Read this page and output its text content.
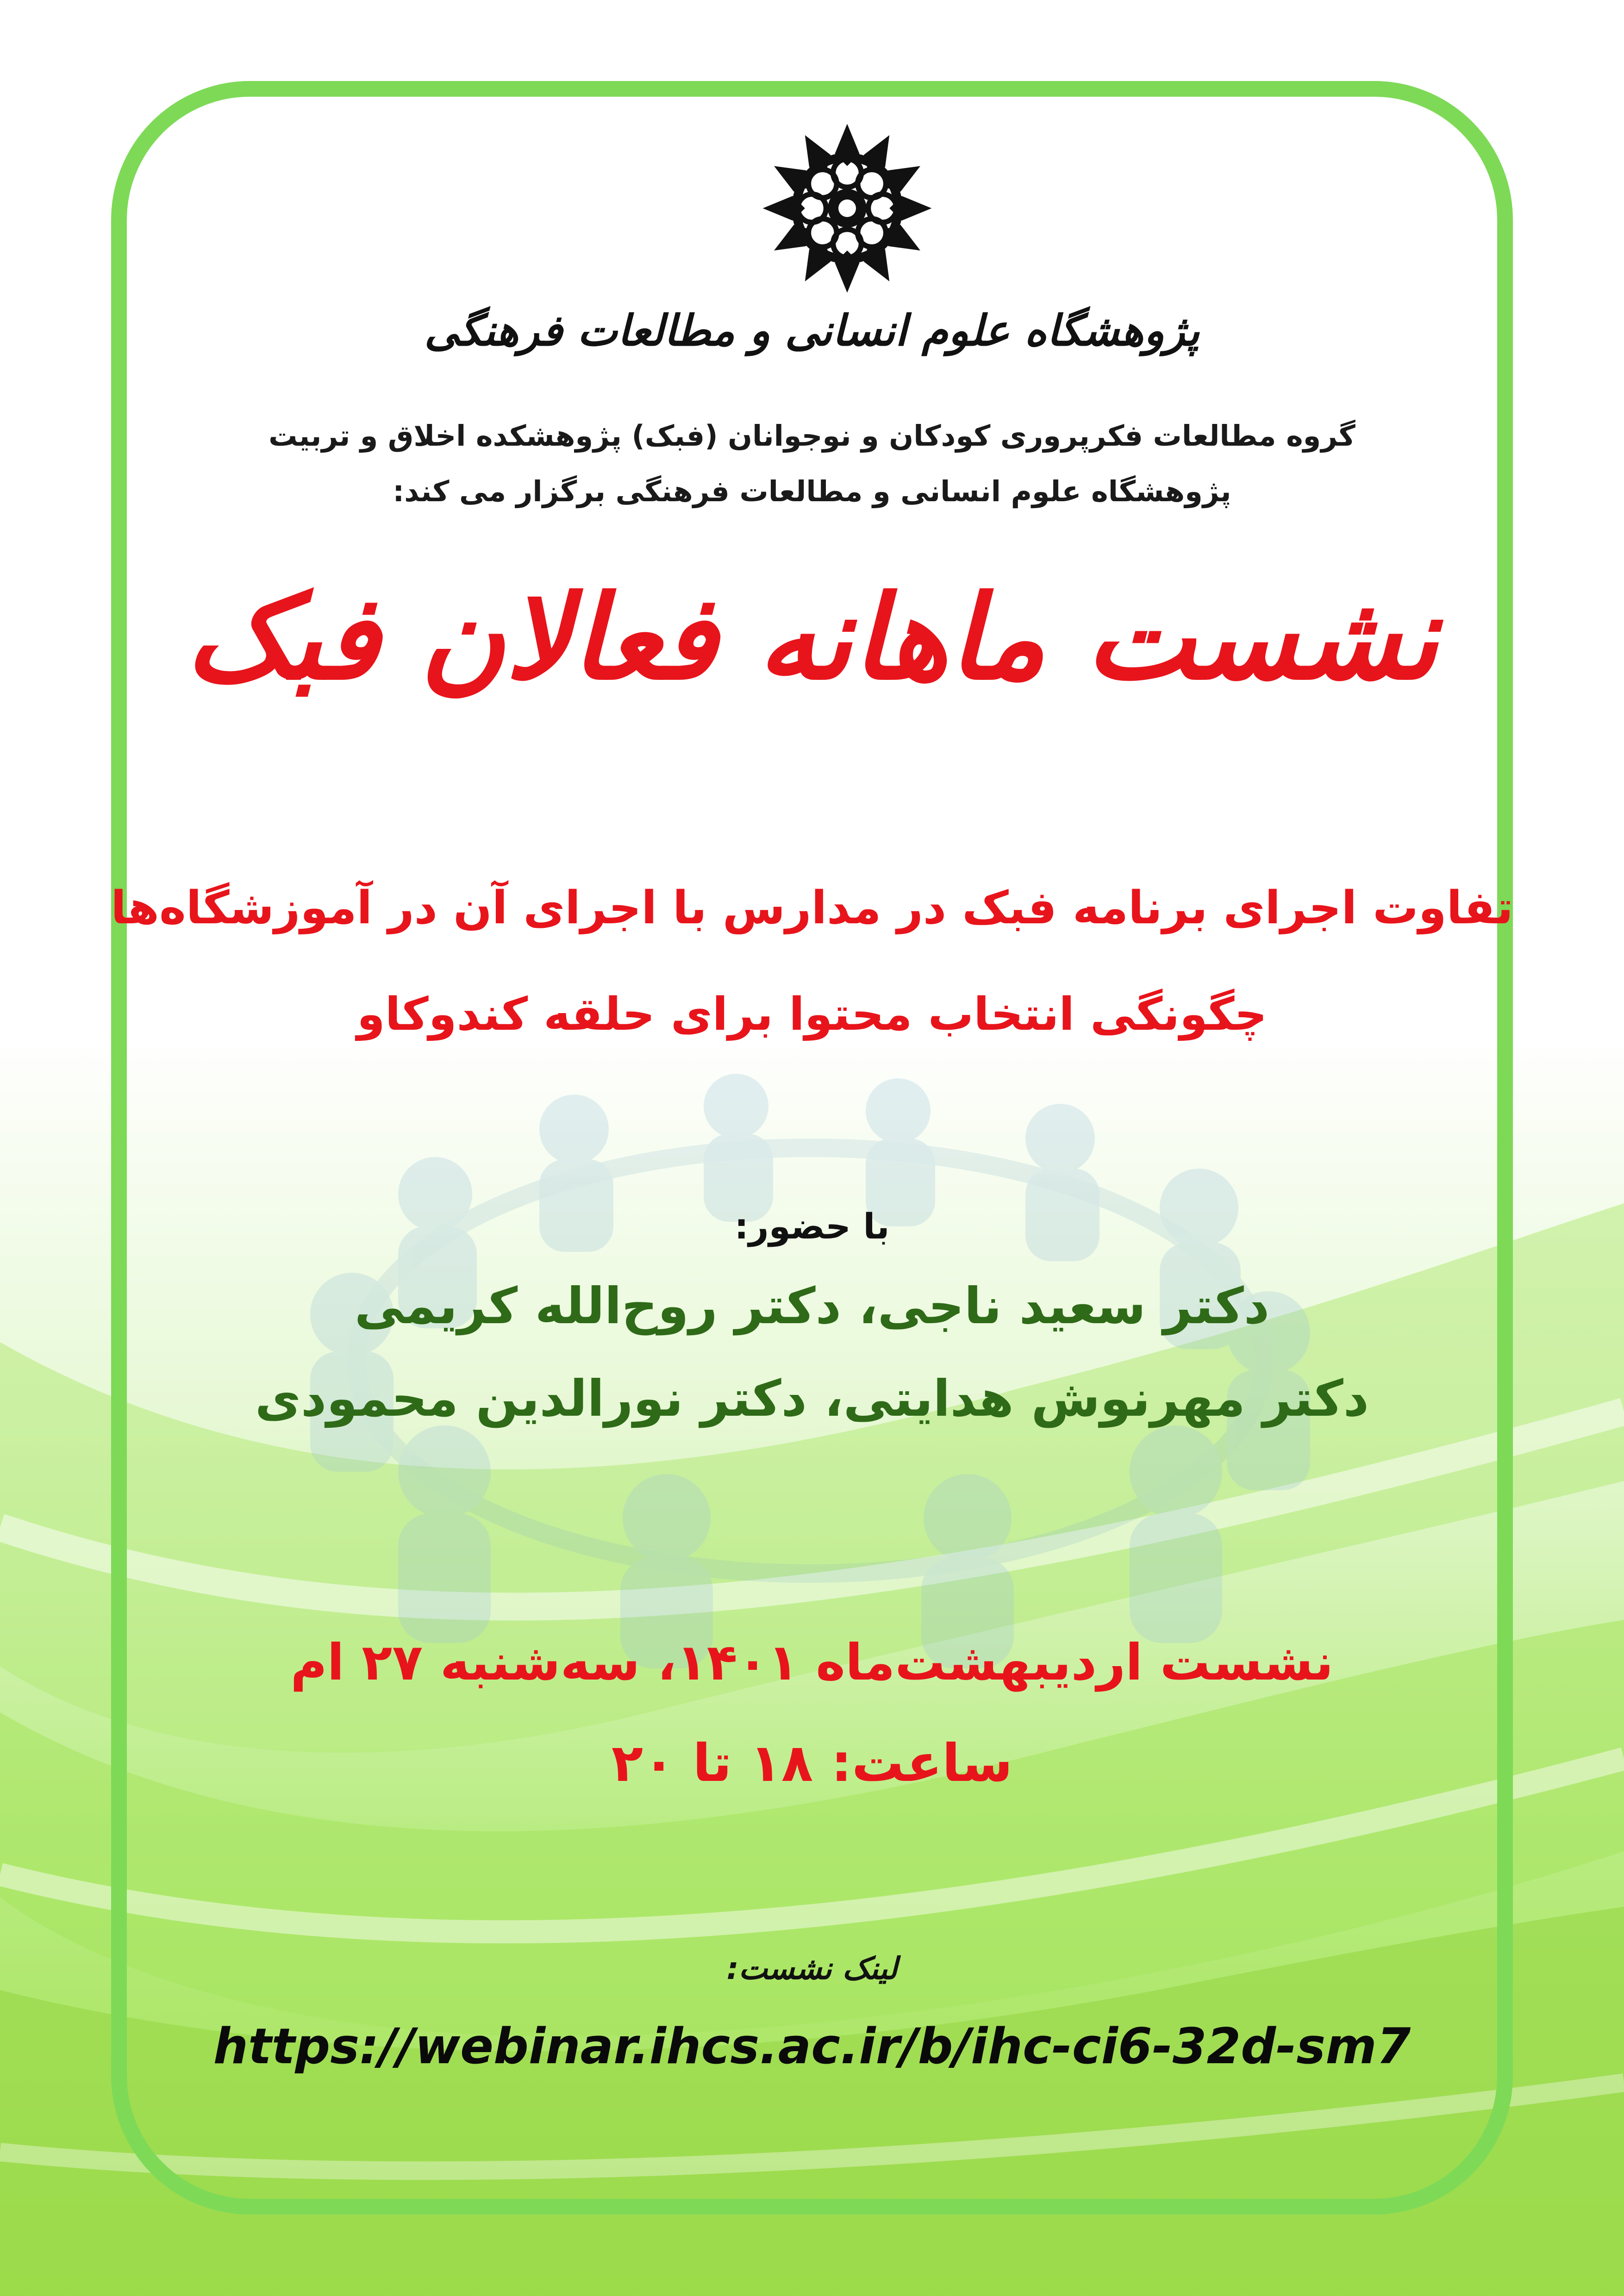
پژوهشگاه علوم انسانی و مطالعات فرهنگی
گروه مطالعات فکرپروری کودکان و نوجوانان (فبک) پژوهشکده اخلاق و تربیت
پژوهشگاه علوم انسانی و مطالعات فرهنگی برگزار می کند:
نشست ماهانه فعالان فبک
تفاوت اجرای برنامه فبک در مدارس با اجرای آن در آموزشگاه‌ها
چگونگی انتخاب محتوا برای حلقه کندوکاو
با حضور:
دکتر سعید ناجی، دکتر روح‌الله کریمی
دکتر مهرنوش هدایتی، دکتر نورالدین محمودی
نشست اردیبهشت‌ماه ۱۴۰۱، سه‌شنبه ۲۷ ام
ساعت: ۱۸ تا ۲۰
لینک نشست:
https://webinar.ihcs.ac.ir/b/ihc-ci6-32d-sm7
